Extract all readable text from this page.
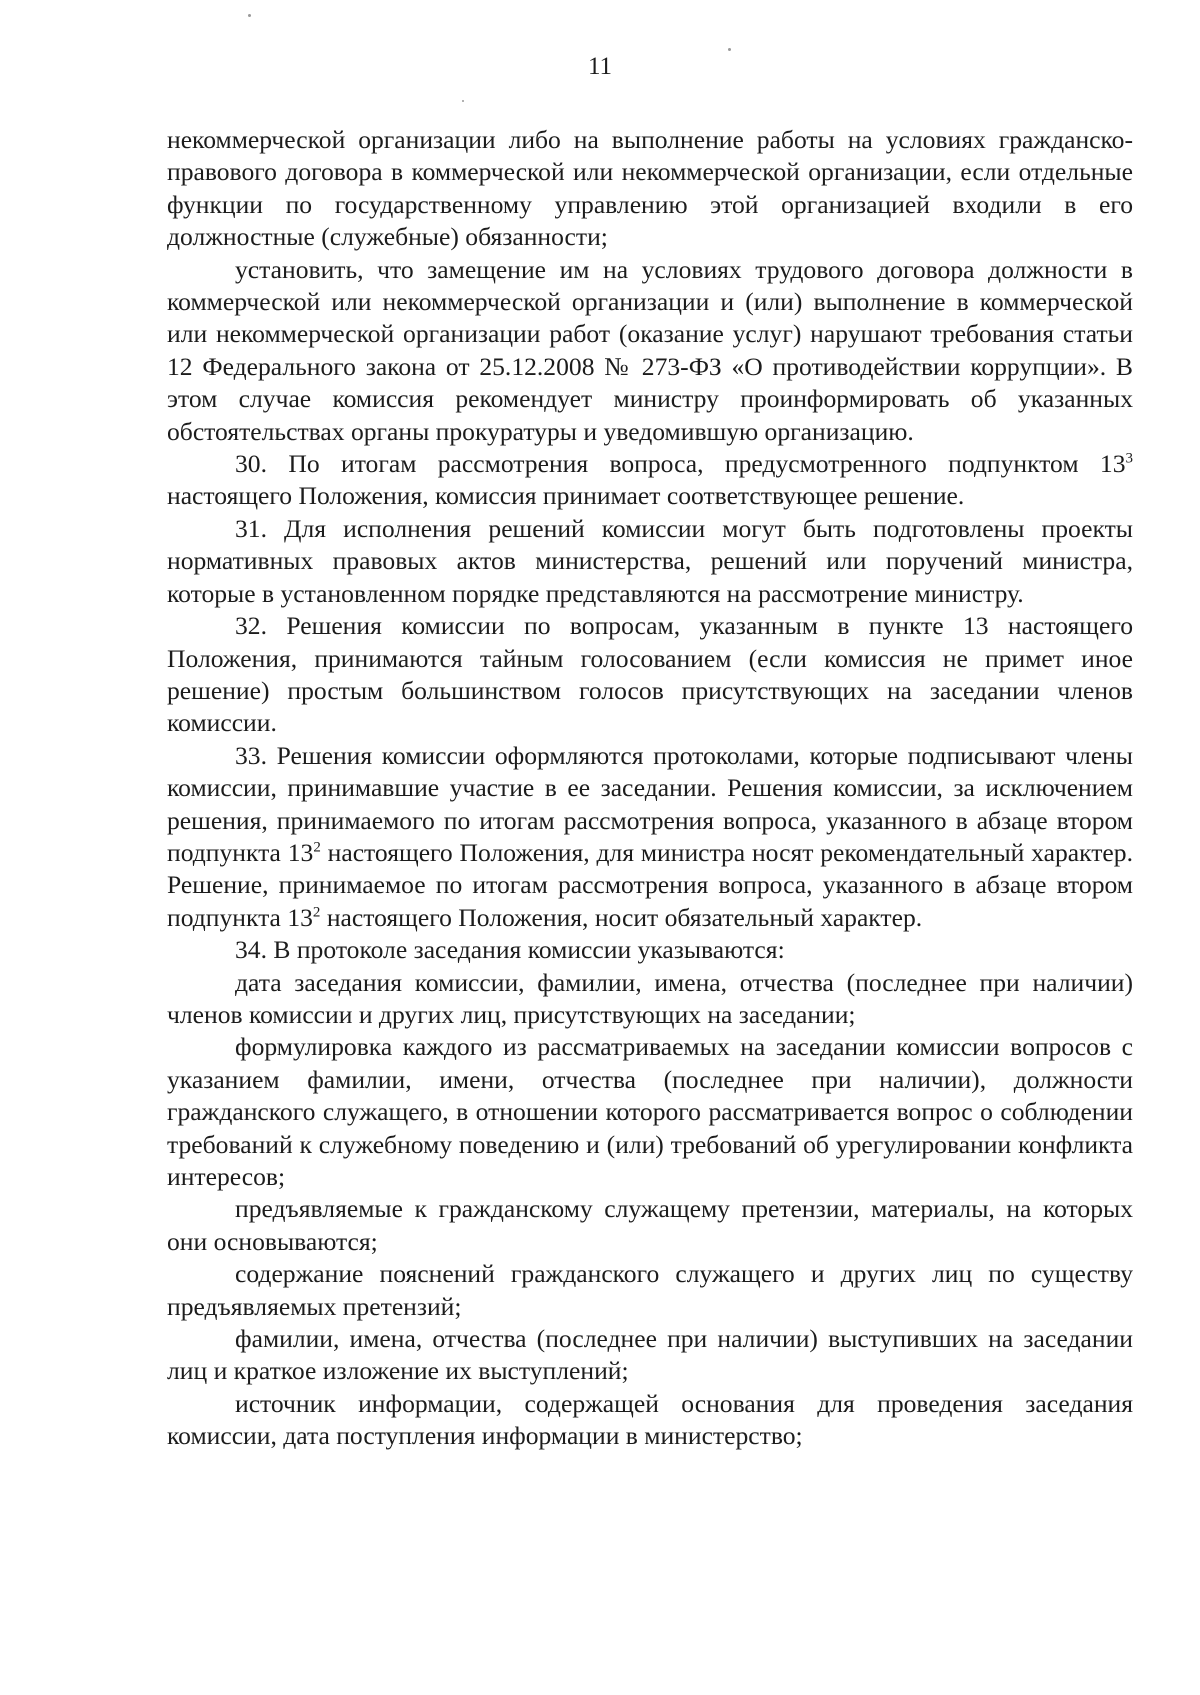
11

некоммерческой организации либо на выполнение работы на условиях гражданско-правового договора в коммерческой или некоммерческой организации, если отдельные функции по государственному управлению этой организацией входили в его должностные (служебные) обязанности;

установить, что замещение им на условиях трудового договора должности в коммерческой или некоммерческой организации и (или) выполнение в коммерческой или некоммерческой организации работ (оказание услуг) нарушают требования статьи 12 Федерального закона от 25.12.2008 № 273-ФЗ «О противодействии коррупции». В этом случае комиссия рекомендует министру проинформировать об указанных обстоятельствах органы прокуратуры и уведомившую организацию.

30. По итогам рассмотрения вопроса, предусмотренного подпунктом $13^3$ настоящего Положения, комиссия принимает соответствующее решение.

31. Для исполнения решений комиссии могут быть подготовлены проекты нормативных правовых актов министерства, решений или поручений министра, которые в установленном порядке представляются на рассмотрение министру.

32. Решения комиссии по вопросам, указанным в пункте 13 настоящего Положения, принимаются тайным голосованием (если комиссия не примет иное решение) простым большинством голосов присутствующих на заседании членов комиссии.

33. Решения комиссии оформляются протоколами, которые подписывают члены комиссии, принимавшие участие в ее заседании. Решения комиссии, за исключением решения, принимаемого по итогам рассмотрения вопроса, указанного в абзаце втором подпункта $13^2$ настоящего Положения, для министра носят рекомендательный характер. Решение, принимаемое по итогам рассмотрения вопроса, указанного в абзаце втором подпункта $13^2$ настоящего Положения, носит обязательный характер.

34. В протоколе заседания комиссии указываются:

дата заседания комиссии, фамилии, имена, отчества (последнее при наличии) членов комиссии и других лиц, присутствующих на заседании;

формулировка каждого из рассматриваемых на заседании комиссии вопросов с указанием фамилии, имени, отчества (последнее при наличии), должности гражданского служащего, в отношении которого рассматривается вопрос о соблюдении требований к служебному поведению и (или) требований об урегулировании конфликта интересов;

предъявляемые к гражданскому служащему претензии, материалы, на которых они основываются;

содержание пояснений гражданского служащего и других лиц по существу предъявляемых претензий;

фамилии, имена, отчества (последнее при наличии) выступивших на заседании лиц и краткое изложение их выступлений;

источник информации, содержащей основания для проведения заседания комиссии, дата поступления информации в министерство;
